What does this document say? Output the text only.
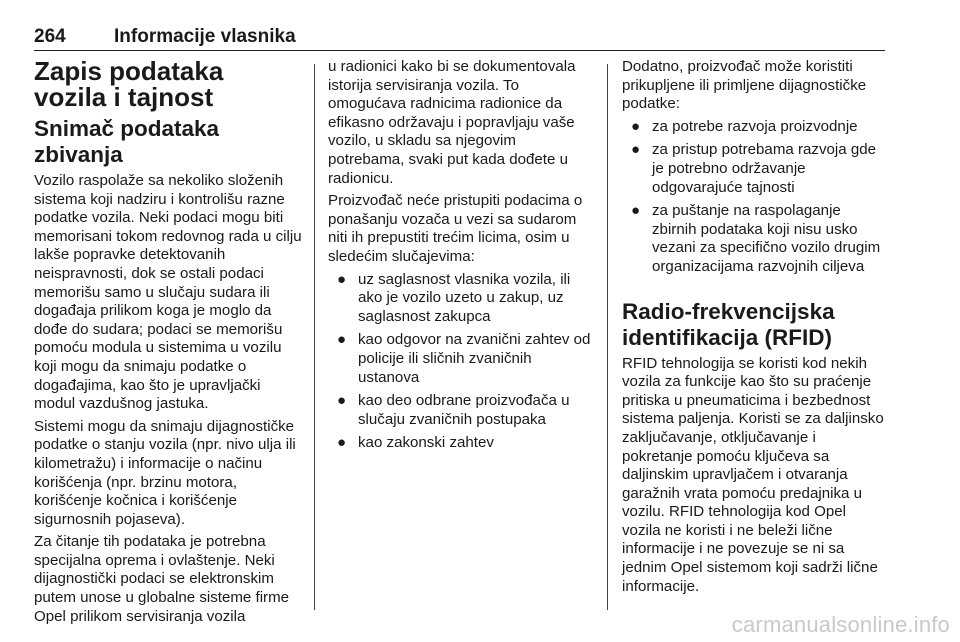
264	Informacije vlasnika
Zapis podataka vozila i tajnost
Snimač podataka zbivanja

Vozilo raspolaže sa nekoliko složenih sistema koji nadziru i kontrolišu razne podatke vozila. Neki podaci mogu biti memorisani tokom redovnog rada u cilju lakše popravke detektovanih neispravnosti, dok se ostali podaci memorišu samo u slučaju sudara ili događaja prilikom koga je moglo da dođe do sudara; podaci se memorišu pomoću modula u sistemima u vozilu koji mogu da snimaju podatke o događajima, kao što je upravljački modul vazdušnog jastuka.

Sistemi mogu da snimaju dijagnostičke podatke o stanju vozila (npr. nivo ulja ili kilometražu) i informacije o načinu korišćenja (npr. brzinu motora, korišćenje kočnica i korišćenje sigurnosnih pojaseva).

Za čitanje tih podataka je potrebna specijalna oprema i ovlaštenje. Neki dijagnostički podaci se elektronskim putem unose u globalne sisteme firme Opel prilikom servisiranja vozila

u radionici kako bi se dokumentovala istorija servisiranja vozila. To omogućava radnicima radionice da efikasno održavaju i popravljaju vaše vozilo, u skladu sa njegovim potrebama, svaki put kada dođete u radionicu.

Proizvođač neće pristupiti podacima o ponašanju vozača u vezi sa sudarom niti ih prepustiti trećim licima, osim u sledećim slučajevima:

● uz saglasnost vlasnika vozila, ili ako je vozilo uzeto u zakup, uz saglasnost zakupca
● kao odgovor na zvanični zahtev od policije ili sličnih zvaničnih ustanova
● kao deo odbrane proizvođača u slučaju zvaničnih postupaka
● kao zakonski zahtev

Dodatno, proizvođač može koristiti prikupljene ili primljene dijagnostičke podatke:

● za potrebe razvoja proizvodnje
● za pristup potrebama razvoja gde je potrebno održavanje odgovarajuće tajnosti
● za puštanje na raspolaganje zbirnih podataka koji nisu usko vezani za specifično vozilo drugim organizacijama razvojnih ciljeva
Radio-frekvencijska identifikacija (RFID)

RFID tehnologija se koristi kod nekih vozila za funkcije kao što su praćenje pritiska u pneumaticima i bezbednost sistema paljenja. Koristi se za daljinsko zaključavanje, otključavanje i pokretanje pomoću ključeva sa daljinskim upravljačem i otvaranja garažnih vrata pomoću predajnika u vozilu. RFID tehnologija kod Opel vozila ne koristi i ne beleži lične informacije i ne povezuje se ni sa jednim Opel sistemom koji sadrži lične informacije.

carmanualsonline.info
